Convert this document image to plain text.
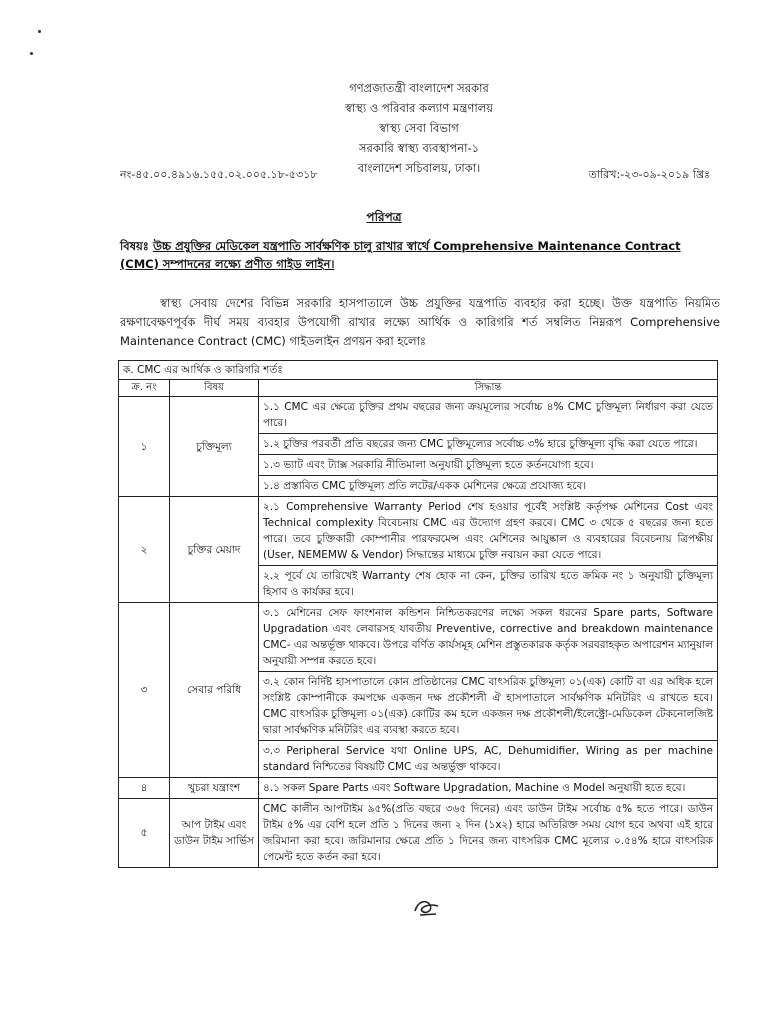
গণপ্রজাতন্ত্রী বাংলাদেশ সরকার
স্বাস্থ্য ও পরিবার কল্যাণ মন্ত্রণালয়
স্বাস্থ্য সেবা বিভাগ
সরকারি স্বাস্থ্য ব্যবস্থাপনা-১
বাংলাদেশ সচিবালয়, ঢাকা।
নং-৪৫.০০.৪৯১৬.১৫৫.০২.০০৫.১৮-৫৩১৮	তারিখ:-২৩-০৯-২০১৯ খ্রিঃ
পরিপত্র
বিষয়ঃ উচ্চ প্রযুক্তির মেডিকেল যন্ত্রপাতি সার্বক্ষণিক চালু রাখার স্বার্থে Comprehensive Maintenance Contract (CMC) সম্পাদনের লক্ষ্যে প্রণীত গাইড লাইন।
স্বাস্থ্য সেবায় দেশের বিভিন্ন সরকারি হাসপাতালে উচ্চ প্রযুক্তির যন্ত্রপাতি ব্যবহার করা হচ্ছে। উক্ত যন্ত্রপাতি নিয়মিত রক্ষণাবেক্ষণপূর্বক দীর্ঘ সময় ব্যবহার উপযোগী রাখার লক্ষ্যে আর্থিক ও কারিগরি শর্ত সম্বলিত নিম্নরূপ Comprehensive Maintenance Contract (CMC) গাইডলাইন প্রণয়ন করা হলোঃ
ক. CMC এর আর্থিক ও কারিগরি শর্তঃ		
ক্র. নং	বিষয়	সিদ্ধান্ত
১	চুক্তিমূল্য	১.১ CMC এর ক্ষেত্রে চুক্তির প্রথম বছরের জন্য ক্রয়মূল্যের সর্বোচ্চ ৪% CMC চুক্তিমূল্য নির্ধারণ করা যেতে পারে।
		১.২ চুক্তির পরবর্তী প্রতি বছরের জন্য CMC চুক্তিমূল্যের সর্বোচ্চ ৩% হারে চুক্তিমূল্য বৃদ্ধি করা যেতে পারে।
		১.৩ ভ্যাট এবং ট্যাক্স সরকারি নীতিমালা অনুযায়ী চুক্তিমূল্য হতে কর্তনযোগ্য হবে।
		১.৪ প্রস্তাবিত CMC চুক্তিমূল্য প্রতি লটের/একক মেশিনের ক্ষেত্রে প্রযোজ্য হবে।
২	চুক্তির মেয়াদ	২.১ Comprehensive Warranty Period শেষ হওয়ার পূর্বেই সংশ্লিষ্ট কর্তৃপক্ষ মেশিনের Cost এবং Technical complexity বিবেচনায় CMC এর উদ্যোগ গ্রহণ করবে। CMC ৩ থেকে ৫ বছরের জন্য হতে পারে। তবে চুক্তিকারী কোম্পানীর পারফরমেন্স এবং মেশিনের আয়ুষ্কাল ও ব্যবহারের বিবেচনায় ত্রিপক্ষীয় (User, NEMEMW & Vendor) সিদ্ধান্তের মাধ্যমে চুক্তি নবায়ন করা যেতে পারে।
		২.২ পূর্বে যে তারিখেই Warranty শেষ হোক না কেন, চুক্তির তারিখ হতে ক্রমিক নং ১ অনুযায়ী চুক্তিমূল্য হিসাব ও কার্যকর হবে।
৩	সেবার পরিধি	৩.১ মেশিনের সেফ ফাংশনাল কন্ডিশন নিশ্চিতকরণের লক্ষ্যে সকল ধরনের Spare parts, Software Upgradation এবং লেবারসহ যাবতীয় Preventive, corrective and breakdown maintenance CMC- এর অন্তর্ভূক্ত থাকবে। উপরে বর্ণিত কার্যসমূহ মেশিন প্রস্তুতকারক কর্তৃক সরবরাহকৃত অপারেশন ম্যানুয়াল অনুযায়ী সম্পন্ন করতে হবে।
		৩.২ কোন নির্দিষ্ট হাসপাতালে কোন প্রতিষ্ঠানের CMC বাৎসরিক চুক্তিমূল্য ০১(এক) কোটি বা এর অধিক হলে সংশ্লিষ্ট কোম্পানীকে কমপক্ষে একজন দক্ষ প্রকৌশলী ঐ হাসপাতালে সার্বক্ষণিক মনিটরিং এ রাখতে হবে। CMC বাৎসরিক চুক্তিমূল্য ০১(এক) কোটির কম হলে একজন দক্ষ প্রকৌশলী/ইলেক্ট্রো-মেডিকেল টেকনোলজিষ্ট দ্বারা সার্বক্ষণিক মনিটরিং এর ব্যবস্থা করতে হবে।
		৩.৩ Peripheral Service যথা Online UPS, AC, Dehumidifier, Wiring as per machine standard নিশ্চিতের বিষয়টি CMC এর অন্তর্ভুক্ত থাকবে।
৪	খুচরা যন্ত্রাংশ	৪.১ সকল Spare Parts এবং Software Upgradation, Machine ও Model অনুযায়ী হতে হবে।
৫	আপ টাইম এবং ডাউন টাইম সার্ভিস	CMC কালীন আপটাইম ৯৫%(প্রতি বছরে ৩৬৫ দিনের) এবং ডাউন টাইম সর্বোচ্চ ৫% হতে পারে। ডাউন টাইম ৫% এর বেশি হলে প্রতি ১ দিনের জন্য ২ দিন (১x২) হারে অতিরিক্ত সময় যোগ হবে অথবা এই হারে জরিমানা করা হবে। জরিমানার ক্ষেত্রে প্রতি ১ দিনের জন্য বাৎসরিক CMC মূল্যের ০.৫৪% হারে বাৎসরিক পেমেন্ট হতে কর্তন করা হবে।
